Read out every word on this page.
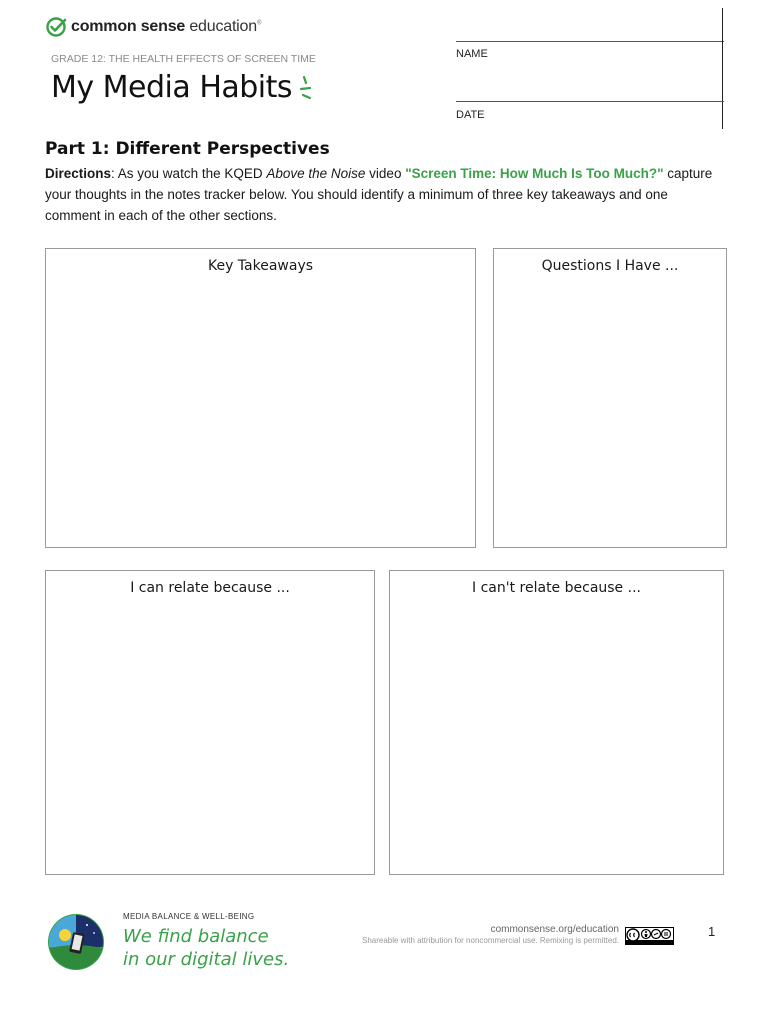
common sense education®
GRADE 12: THE HEALTH EFFECTS OF SCREEN TIME
My Media Habits
NAME
DATE
Part 1: Different Perspectives
Directions: As you watch the KQED Above the Noise video "Screen Time: How Much Is Too Much?" capture your thoughts in the notes tracker below. You should identify a minimum of three key takeaways and one comment in each of the other sections.
Key Takeaways	Questions I Have ...
I can relate because ...	I can't relate because ...
MEDIA BALANCE & WELL-BEING
We find balance
in our digital lives.
commonsense.org/education
Shareable with attribution for noncommercial use. Remixing is permitted.
1
